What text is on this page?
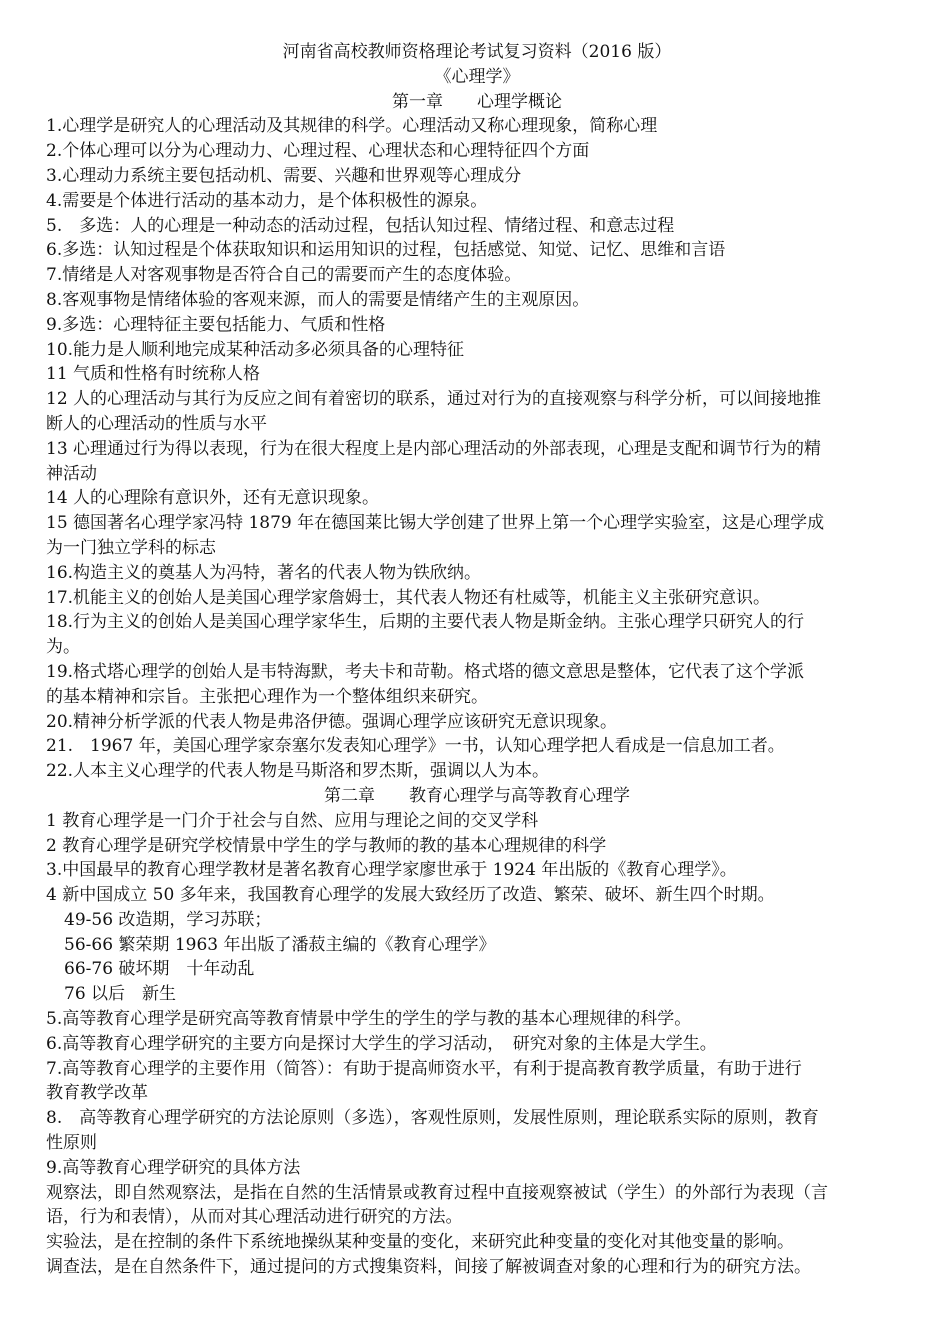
河南省高校教师资格理论考试复习资料（2016 版）
《心理学》
第一章　　心理学概论
1.心理学是研究人的心理活动及其规律的科学。心理活动又称心理现象，简称心理
2.个体心理可以分为心理动力、心理过程、心理状态和心理特征四个方面
3.心理动力系统主要包括动机、需要、兴趣和世界观等心理成分
4.需要是个体进行活动的基本动力，是个体积极性的源泉。
5.　多选：人的心理是一种动态的活动过程，包括认知过程、情绪过程、和意志过程
6.多选：认知过程是个体获取知识和运用知识的过程，包括感觉、知觉、记忆、思维和言语
7.情绪是人对客观事物是否符合自己的需要而产生的态度体验。
8.客观事物是情绪体验的客观来源，而人的需要是情绪产生的主观原因。
9.多选：心理特征主要包括能力、气质和性格
10.能力是人顺利地完成某种活动多必须具备的心理特征
11 气质和性格有时统称人格
12 人的心理活动与其行为反应之间有着密切的联系，通过对行为的直接观察与科学分析，可以间接地推
断人的心理活动的性质与水平
13 心理通过行为得以表现，行为在很大程度上是内部心理活动的外部表现，心理是支配和调节行为的精
神活动
14 人的心理除有意识外，还有无意识现象。
15 德国著名心理学家冯特 1879 年在德国莱比锡大学创建了世界上第一个心理学实验室，这是心理学成
为一门独立学科的标志
16.构造主义的奠基人为冯特，著名的代表人物为铁欣纳。
17.机能主义的创始人是美国心理学家詹姆士，其代表人物还有杜威等，机能主义主张研究意识。
18.行为主义的创始人是美国心理学家华生，后期的主要代表人物是斯金纳。主张心理学只研究人的行
为。
19.格式塔心理学的创始人是韦特海默，考夫卡和苛勒。格式塔的德文意思是整体，它代表了这个学派
的基本精神和宗旨。主张把心理作为一个整体组织来研究。
20.精神分析学派的代表人物是弗洛伊德。强调心理学应该研究无意识现象。
21.　1967 年，美国心理学家奈塞尔发表知心理学》一书，认知心理学把人看成是一信息加工者。
22.人本主义心理学的代表人物是马斯洛和罗杰斯，强调以人为本。
第二章　　教育心理学与高等教育心理学
1 教育心理学是一门介于社会与自然、应用与理论之间的交叉学科
2 教育心理学是研究学校情景中学生的学与教师的教的基本心理规律的科学
3.中国最早的教育心理学教材是著名教育心理学家廖世承于 1924 年出版的《教育心理学》。
4 新中国成立 50 多年来，我国教育心理学的发展大致经历了改造、繁荣、破坏、新生四个时期。
49-56 改造期，学习苏联；
56-66 繁荣期 1963 年出版了潘菽主编的《教育心理学》
66-76 破坏期　十年动乱
76 以后　新生
5.高等教育心理学是研究高等教育情景中学生的学生的学与教的基本心理规律的科学。
6.高等教育心理学研究的主要方向是探讨大学生的学习活动，　研究对象的主体是大学生。
7.高等教育心理学的主要作用（简答）：有助于提高师资水平，有利于提高教育教学质量，有助于进行
教育教学改革
8.　高等教育心理学研究的方法论原则（多选），客观性原则，发展性原则，理论联系实际的原则，教育
性原则
9.高等教育心理学研究的具体方法
观察法，即自然观察法，是指在自然的生活情景或教育过程中直接观察被试（学生）的外部行为表现（言
语，行为和表情），从而对其心理活动进行研究的方法。
实验法，是在控制的条件下系统地操纵某种变量的变化，来研究此种变量的变化对其他变量的影响。
调查法，是在自然条件下，通过提问的方式搜集资料，间接了解被调查对象的心理和行为的研究方法。
